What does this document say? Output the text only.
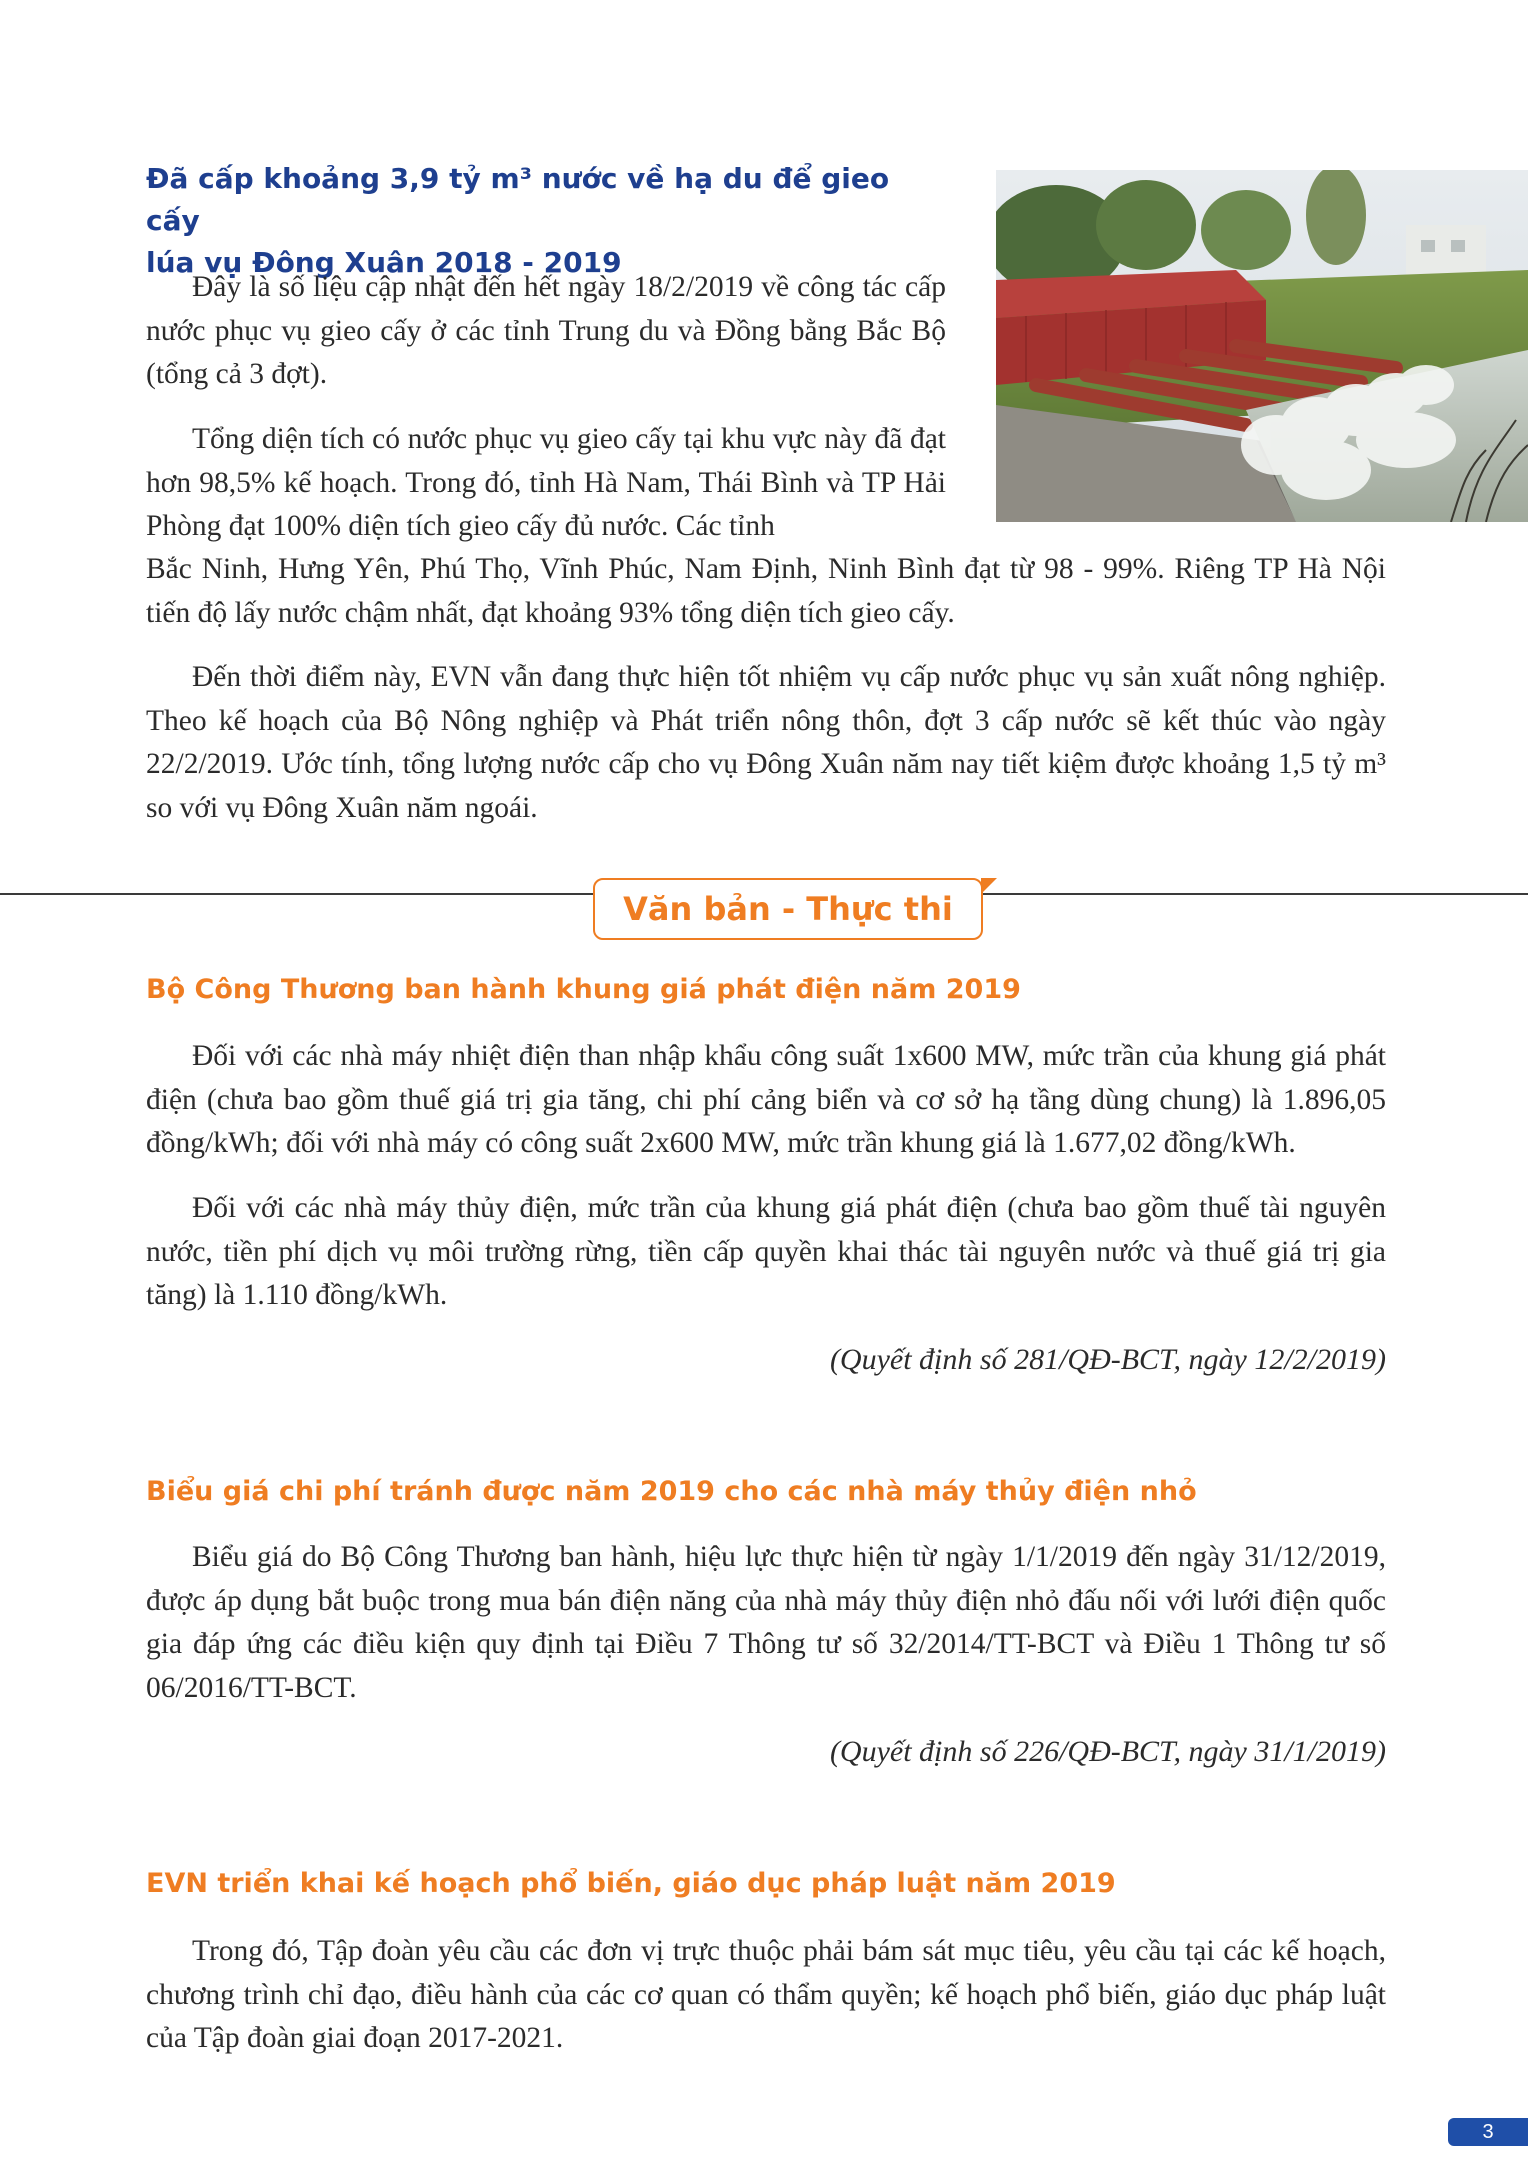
Đã cấp khoảng 3,9 tỷ m³ nước về hạ du để gieo cấy
lúa vụ Đông Xuân 2018 - 2019

Đây là số liệu cập nhật đến hết ngày 18/2/2019 về công tác cấp nước phục vụ gieo cấy ở các tỉnh Trung du và Đồng bằng Bắc Bộ (tổng cả 3 đợt).

Tổng diện tích có nước phục vụ gieo cấy tại khu vực này đã đạt hơn 98,5% kế hoạch. Trong đó, tỉnh Hà Nam, Thái Bình và TP Hải Phòng đạt 100% diện tích gieo cấy đủ nước. Các tỉnh

Bắc Ninh, Hưng Yên, Phú Thọ, Vĩnh Phúc, Nam Định, Ninh Bình đạt từ 98 - 99%. Riêng TP Hà Nội tiến độ lấy nước chậm nhất, đạt khoảng 93% tổng diện tích gieo cấy.

Đến thời điểm này, EVN vẫn đang thực hiện tốt nhiệm vụ cấp nước phục vụ sản xuất nông nghiệp. Theo kế hoạch của Bộ Nông nghiệp và Phát triển nông thôn, đợt 3 cấp nước sẽ kết thúc vào ngày 22/2/2019. Ước tính, tổng lượng nước cấp cho vụ Đông Xuân năm nay tiết kiệm được khoảng 1,5 tỷ m³ so với vụ Đông Xuân năm ngoái.

Văn bản - Thực thi
Bộ Công Thương ban hành khung giá phát điện năm 2019

Đối với các nhà máy nhiệt điện than nhập khẩu công suất 1x600 MW, mức trần của khung giá phát điện (chưa bao gồm thuế giá trị gia tăng, chi phí cảng biển và cơ sở hạ tầng dùng chung) là 1.896,05 đồng/kWh; đối với nhà máy có công suất 2x600 MW, mức trần khung giá là 1.677,02 đồng/kWh.

Đối với các nhà máy thủy điện, mức trần của khung giá phát điện (chưa bao gồm thuế tài nguyên nước, tiền phí dịch vụ môi trường rừng, tiền cấp quyền khai thác tài nguyên nước và thuế giá trị gia tăng) là 1.110 đồng/kWh.

(Quyết định số 281/QĐ-BCT, ngày 12/2/2019)

Biểu giá chi phí tránh được năm 2019 cho các nhà máy thủy điện nhỏ

Biểu giá do Bộ Công Thương ban hành, hiệu lực thực hiện từ ngày 1/1/2019 đến ngày 31/12/2019, được áp dụng bắt buộc trong mua bán điện năng của nhà máy thủy điện nhỏ đấu nối với lưới điện quốc gia đáp ứng các điều kiện quy định tại Điều 7 Thông tư số 32/2014/TT-BCT và Điều 1 Thông tư số 06/2016/TT-BCT.

(Quyết định số 226/QĐ-BCT, ngày 31/1/2019)

EVN triển khai kế hoạch phổ biến, giáo dục pháp luật năm 2019

Trong đó, Tập đoàn yêu cầu các đơn vị trực thuộc phải bám sát mục tiêu, yêu cầu tại các kế hoạch, chương trình chỉ đạo, điều hành của các cơ quan có thẩm quyền; kế hoạch phổ biến, giáo dục pháp luật của Tập đoàn giai đoạn 2017-2021.

3
